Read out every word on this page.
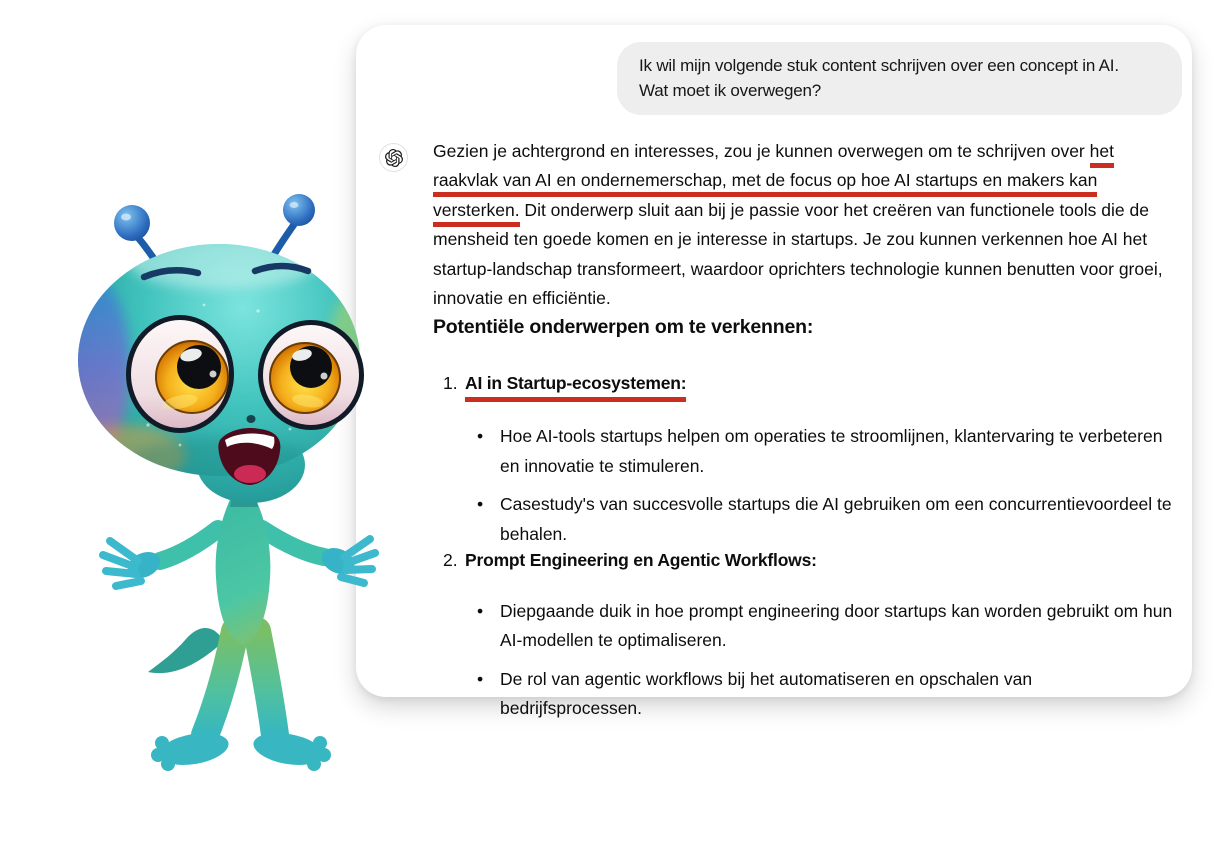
Ik wil mijn volgende stuk content schrijven over een concept in AI.
Wat moet ik overwegen?

Gezien je achtergrond en interesses, zou je kunnen overwegen om te schrijven over het raakvlak van AI en ondernemerschap, met de focus op hoe AI startups en makers kan versterken. Dit onderwerp sluit aan bij je passie voor het creëren van functionele tools die de mensheid ten goede komen en je interesse in startups. Je zou kunnen verkennen hoe AI het startup-landschap transformeert, waardoor oprichters technologie kunnen benutten voor groei, innovatie en efficiëntie.

Potentiële onderwerpen om te verkennen:
1. AI in Startup-ecosystemen:
• Hoe AI-tools startups helpen om operaties te stroomlijnen, klantervaring te verbeteren en innovatie te stimuleren.
• Casestudy's van succesvolle startups die AI gebruiken om een concurrentievoordeel te behalen.
2. Prompt Engineering en Agentic Workflows:
• Diepgaande duik in hoe prompt engineering door startups kan worden gebruikt om hun AI-modellen te optimaliseren.
• De rol van agentic workflows bij het automatiseren en opschalen van bedrijfsprocessen.
